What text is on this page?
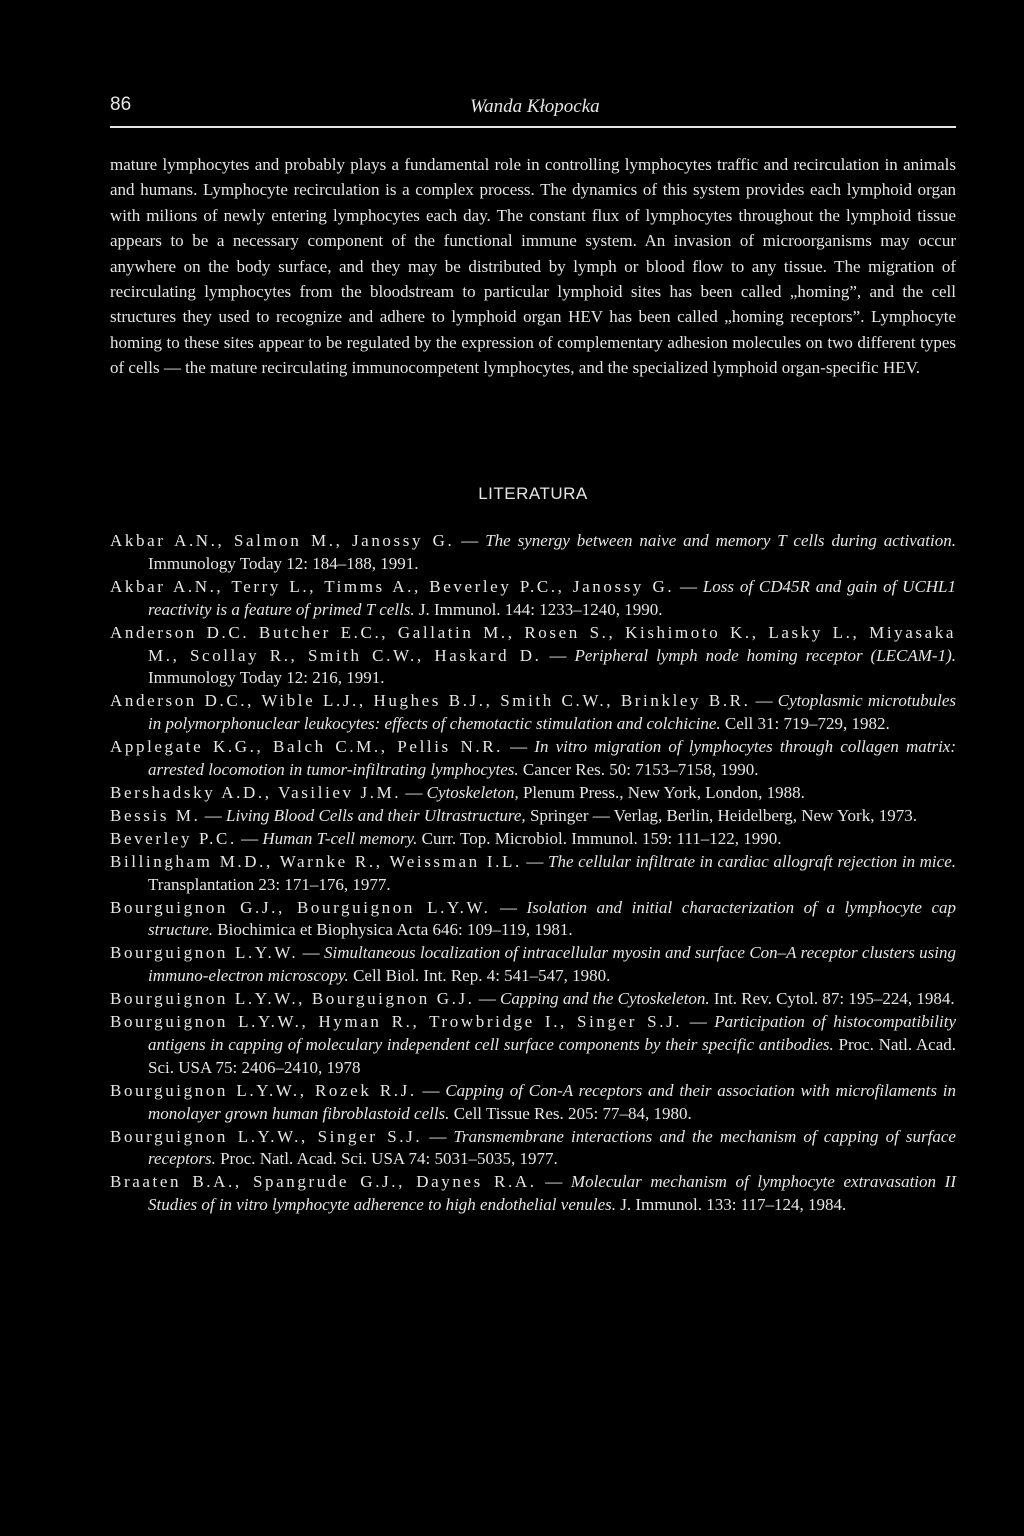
86	Wanda Kłopocka

mature lymphocytes and probably plays a fundamental role in controlling lymphocytes traffic and recirculation in animals and humans. Lymphocyte recirculation is a complex process. The dynamics of this system provides each lymphoid organ with milions of newly entering lymphocytes each day. The constant flux of lymphocytes throughout the lymphoid tissue appears to be a necessary component of the functional immune system. An invasion of microorganisms may occur anywhere on the body surface, and they may be distributed by lymph or blood flow to any tissue. The migration of recirculating lymphocytes from the bloodstream to particular lymphoid sites has been called „homing”, and the cell structures they used to recognize and adhere to lymphoid organ HEV has been called „homing receptors”. Lymphocyte homing to these sites appear to be regulated by the expression of complementary adhesion molecules on two different types of cells — the mature recirculating immunocompetent lymphocytes, and the specialized lymphoid organ-specific HEV.

LITERATURA
Akbar A.N., Salmon M., Janossy G. — The synergy between naive and memory T cells during activation. Immunology Today 12: 184–188, 1991.
Akbar A.N., Terry L., Timms A., Beverley P.C., Janossy G. — Loss of CD45R and gain of UCHL1 reactivity is a feature of primed T cells. J. Immunol. 144: 1233–1240, 1990.
Anderson D.C. Butcher E.C., Gallatin M., Rosen S., Kishimoto K., Lasky L., Miyasaka M., Scollay R., Smith C.W., Haskard D. — Peripheral lymph node homing receptor (LECAM-1). Immunology Today 12: 216, 1991.
Anderson D.C., Wible L.J., Hughes B.J., Smith C.W., Brinkley B.R. — Cytoplasmic microtubules in polymorphonuclear leukocytes: effects of chemotactic stimulation and colchicine. Cell 31: 719–729, 1982.
Applegate K.G., Balch C.M., Pellis N.R. — In vitro migration of lymphocytes through collagen matrix: arrested locomotion in tumor-infiltrating lymphocytes. Cancer Res. 50: 7153–7158, 1990.
Bershadsky A.D., Vasiliev J.M. — Cytoskeleton, Plenum Press., New York, London, 1988.
Bessis M. — Living Blood Cells and their Ultrastructure, Springer — Verlag, Berlin, Heidelberg, New York, 1973.
Beverley P.C. — Human T-cell memory. Curr. Top. Microbiol. Immunol. 159: 111–122, 1990.
Billingham M.D., Warnke R., Weissman I.L. — The cellular infiltrate in cardiac allograft rejection in mice. Transplantation 23: 171–176, 1977.
Bourguignon G.J., Bourguignon L.Y.W. — Isolation and initial characterization of a lymphocyte cap structure. Biochimica et Biophysica Acta 646: 109–119, 1981.
Bourguignon L.Y.W. — Simultaneous localization of intracellular myosin and surface Con–A receptor clusters using immuno-electron microscopy. Cell Biol. Int. Rep. 4: 541–547, 1980.
Bourguignon L.Y.W., Bourguignon G.J. — Capping and the Cytoskeleton. Int. Rev. Cytol. 87: 195–224, 1984.
Bourguignon L.Y.W., Hyman R., Trowbridge I., Singer S.J. — Participation of histocompatibility antigens in capping of moleculary independent cell surface components by their specific antibodies. Proc. Natl. Acad. Sci. USA 75: 2406–2410, 1978
Bourguignon L.Y.W., Rozek R.J. — Capping of Con-A receptors and their association with microfilaments in monolayer grown human fibroblastoid cells. Cell Tissue Res. 205: 77–84, 1980.
Bourguignon L.Y.W., Singer S.J. — Transmembrane interactions and the mechanism of capping of surface receptors. Proc. Natl. Acad. Sci. USA 74: 5031–5035, 1977.
Braaten B.A., Spangrude G.J., Daynes R.A. — Molecular mechanism of lymphocyte extravasation II Studies of in vitro lymphocyte adherence to high endothelial venules. J. Immunol. 133: 117–124, 1984.
